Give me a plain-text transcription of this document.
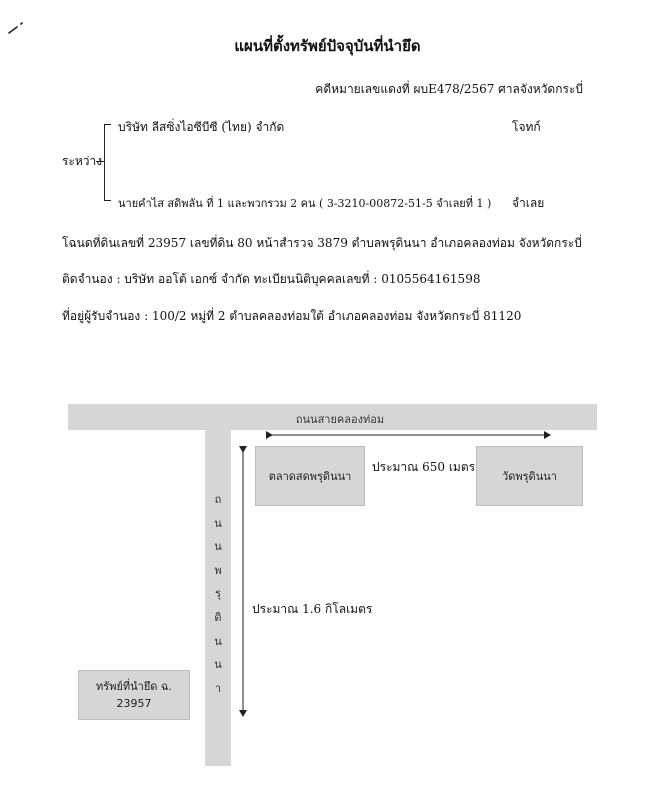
แผนที่ตั้งทรัพย์ปัจจุบันที่นำยึด
คดีหมายเลขแดงที่ ผบE478/2567 ศาลจังหวัดกระบี่
ระหว่าง
บริษัท ลีสซิ่งไอซีบีซี (ไทย) จำกัด	โจทก์
นายคำไส สดิพลัน ที่ 1 และพวกรวม 2 คน ( 3-3210-00872-51-5 จำเลยที่ 1 ) จำเลย
โฉนดที่ดินเลขที่ 23957 เลขที่ดิน 80 หน้าสำรวจ 3879 ตำบลพรุดินนา อำเภอคลองท่อม จังหวัดกระบี่
ติดจำนอง : บริษัท ออโต้ เอกซ์ จำกัด ทะเบียนนิติบุคคลเลขที่ : 0105564161598
ที่อยู่ผู้รับจำนอง : 100/2 หมู่ที่ 2 ตำบลคลองท่อมใต้ อำเภอคลองท่อม จังหวัดกระบี่ 81120
ถนนสายคลองท่อม
ถ
น
น
พ
รุ
ดิ
น
น
า
ตลาดสดพรุดินนา	วัดพรุดินนา
ประมาณ 650 เมตร
ประมาณ 1.6 กิโลเมตร
ทรัพย์ที่นำยึด ฉ.
23957
